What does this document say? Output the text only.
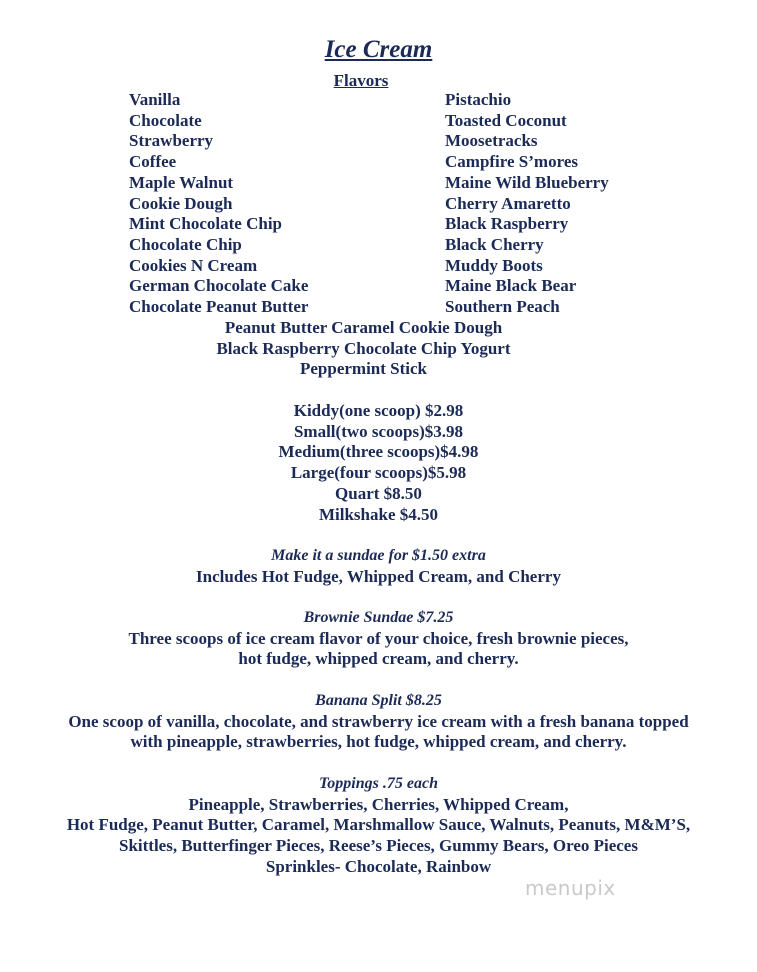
Ice Cream
Flavors
Vanilla
Chocolate
Strawberry
Coffee
Maple Walnut
Cookie Dough
Mint Chocolate Chip
Chocolate Chip
Cookies N Cream
German Chocolate Cake
Chocolate Peanut Butter
Pistachio
Toasted Coconut
Moosetracks
Campfire S’mores
Maine Wild Blueberry
Cherry Amaretto
Black Raspberry
Black Cherry
Muddy Boots
Maine Black Bear
Southern Peach
Peanut Butter Caramel Cookie Dough
Black Raspberry Chocolate Chip Yogurt
Peppermint Stick
Kiddy(one scoop) $2.98
Small(two scoops)$3.98
Medium(three scoops)$4.98
Large(four scoops)$5.98
Quart $8.50
Milkshake $4.50
Make it a sundae for $1.50 extra
Includes Hot Fudge, Whipped Cream, and Cherry
Brownie Sundae $7.25
Three scoops of ice cream flavor of your choice, fresh brownie pieces,
hot fudge, whipped cream, and cherry.
Banana Split $8.25
One scoop of vanilla, chocolate, and strawberry ice cream with a fresh banana topped
with pineapple, strawberries, hot fudge, whipped cream, and cherry.
Toppings .75 each
Pineapple, Strawberries, Cherries, Whipped Cream,
Hot Fudge, Peanut Butter, Caramel, Marshmallow Sauce, Walnuts, Peanuts, M&M’S,
Skittles, Butterfinger Pieces, Reese’s Pieces, Gummy Bears, Oreo Pieces
Sprinkles- Chocolate, Rainbow
menupix
